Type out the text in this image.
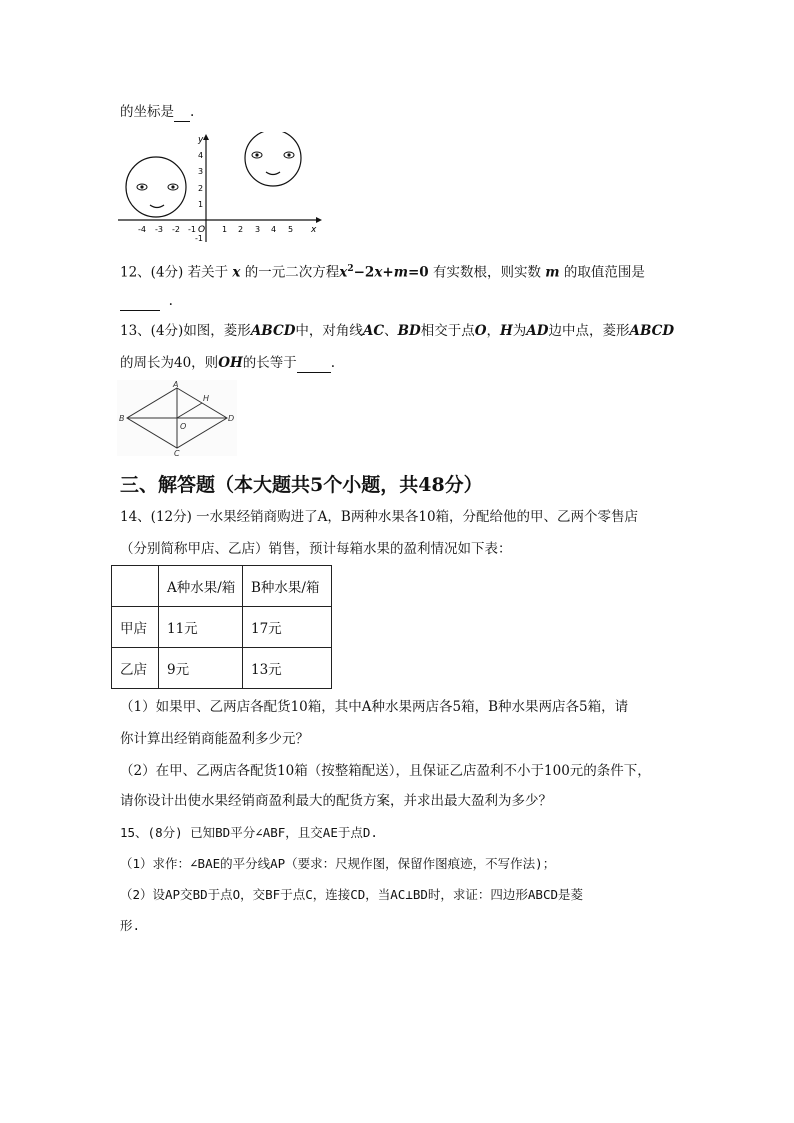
的坐标是 .
y
x
4
3
2
1
-1
-4 -3 -2 -1 O 1 2 3 4 5
12、(4分) 若关于 x 的一元二次方程$x^2-2x+m=0$ 有实数根，则实数 m 的取值范围是
.
13、(4分)如图，菱形ABCD中，对角线AC、BD相交于点O，H为AD边中点，菱形ABCD
的周长为40，则OH的长等于	.
A
B
C
D
O
H
三、解答题（本大题共5个小题，共48分）
14、(12分) 一水果经销商购进了A，B两种水果各10箱，分配给他的甲、乙两个零售店
（分别简称甲店、乙店）销售，预计每箱水果的盈利情况如下表：
	A种水果/箱	B种水果/箱
甲店	11元	17元
乙店	9元	13元
（1）如果甲、乙两店各配货10箱，其中A种水果两店各5箱，B种水果两店各5箱，请
你计算出经销商能盈利多少元？
（2）在甲、乙两店各配货10箱（按整箱配送），且保证乙店盈利不小于100元的条件下，
请你设计出使水果经销商盈利最大的配货方案，并求出最大盈利为多少？
15、(8分) 已知BD平分∠ABF，且交AE于点D.
（1）求作：∠BAE的平分线AP（要求：尺规作图，保留作图痕迹，不写作法)；
（2）设AP交BD于点O，交BF于点C，连接CD，当AC⊥BD时，求证：四边形ABCD是菱
形.
